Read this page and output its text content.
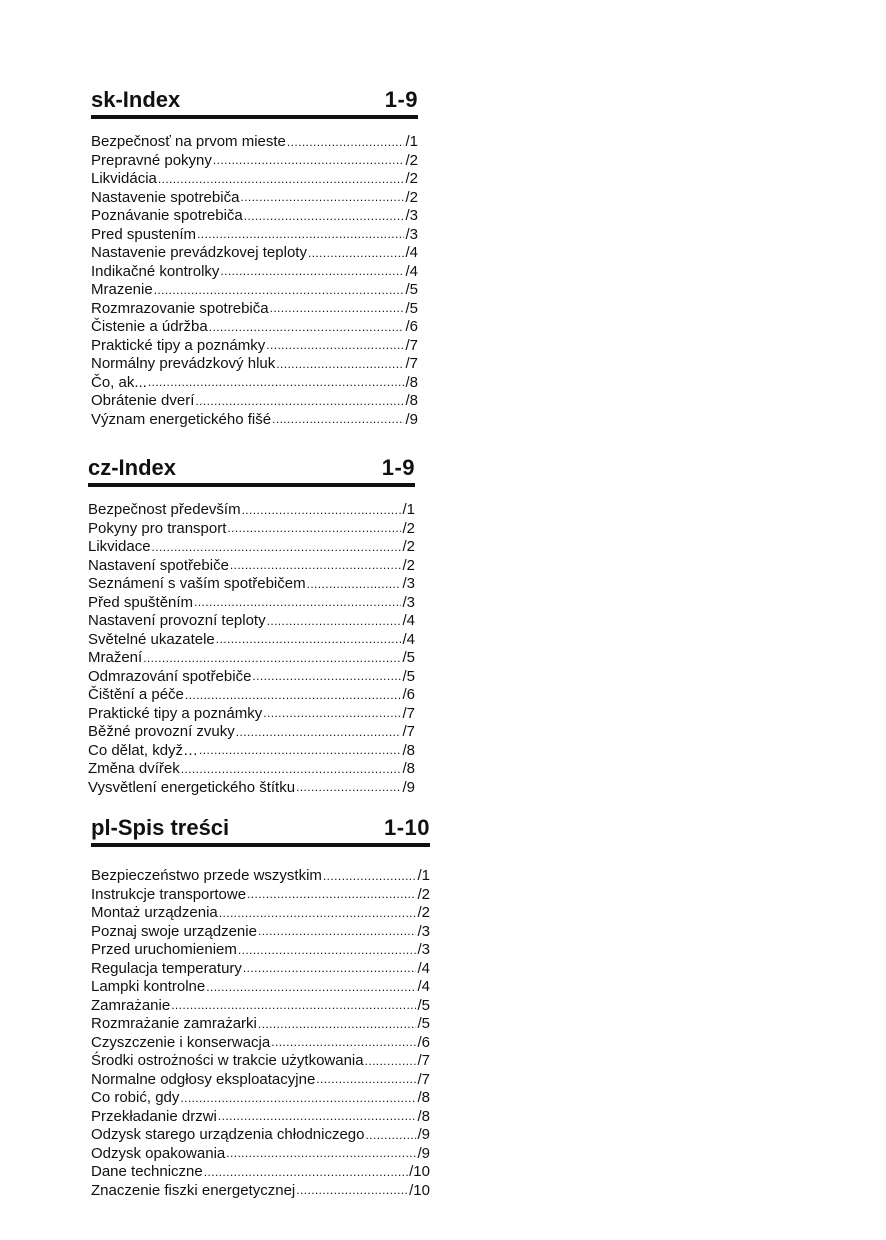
sk-Index	1-9
Bezpečnosť na prvom mieste .....	/1
Prepravné pokyny .....	/2
Likvidácia .....	/2
Nastavenie spotrebiča .....	/2
Poznávanie spotrebiča .....	/3
Pred spustením .....	/3
Nastavenie prevádzkovej teploty .....	/4
Indikačné kontrolky .....	/4
Mrazenie .....	/5
Rozmrazovanie spotrebiča .....	/5
Čistenie a údržba .....	/6
Praktické tipy a poznámky .....	/7
Normálny prevádzkový hluk .....	/7
Čo, ak... .....	/8
Obrátenie dverí .....	/8
Význam energetického fišé .....	/9
cz-Index	1-9
Bezpečnost především .....	/1
Pokyny pro transport .....	/2
Likvidace .....	/2
Nastavení spotřebiče .....	/2
Seznámení s vaším spotřebičem .....	/3
Před spuštěním .....	/3
Nastavení provozní teploty .....	/4
Světelné ukazatele .....	/4
Mražení .....	/5
Odmrazování spotřebiče .....	/5
Čištění a péče .....	/6
Praktické tipy a poznámky .....	/7
Běžné provozní zvuky .....	/7
Co dělat, když… .....	/8
Změna dvířek .....	/8
Vysvětlení energetického štítku .....	/9
pl-Spis treści	1-10
Bezpieczeństwo przede wszystkim .....	/1
Instrukcje transportowe .....	/2
Montaż urządzenia .....	/2
Poznaj swoje urządzenie .....	/3
Przed uruchomieniem .....	/3
Regulacja temperatury .....	/4
Lampki kontrolne .....	/4
Zamrażanie .....	/5
Rozmrażanie zamrażarki .....	/5
Czyszczenie i konserwacja .....	/6
Środki ostrożności w trakcie użytkowania .....	/7
Normalne odgłosy eksploatacyjne .....	/7
Co robić, gdy .....	/8
Przekładanie drzwi .....	/8
Odzysk starego urządzenia chłodniczego .....	/9
Odzysk opakowania .....	/9
Dane techniczne .....	/10
Znaczenie fiszki energetycznej .....	/10
